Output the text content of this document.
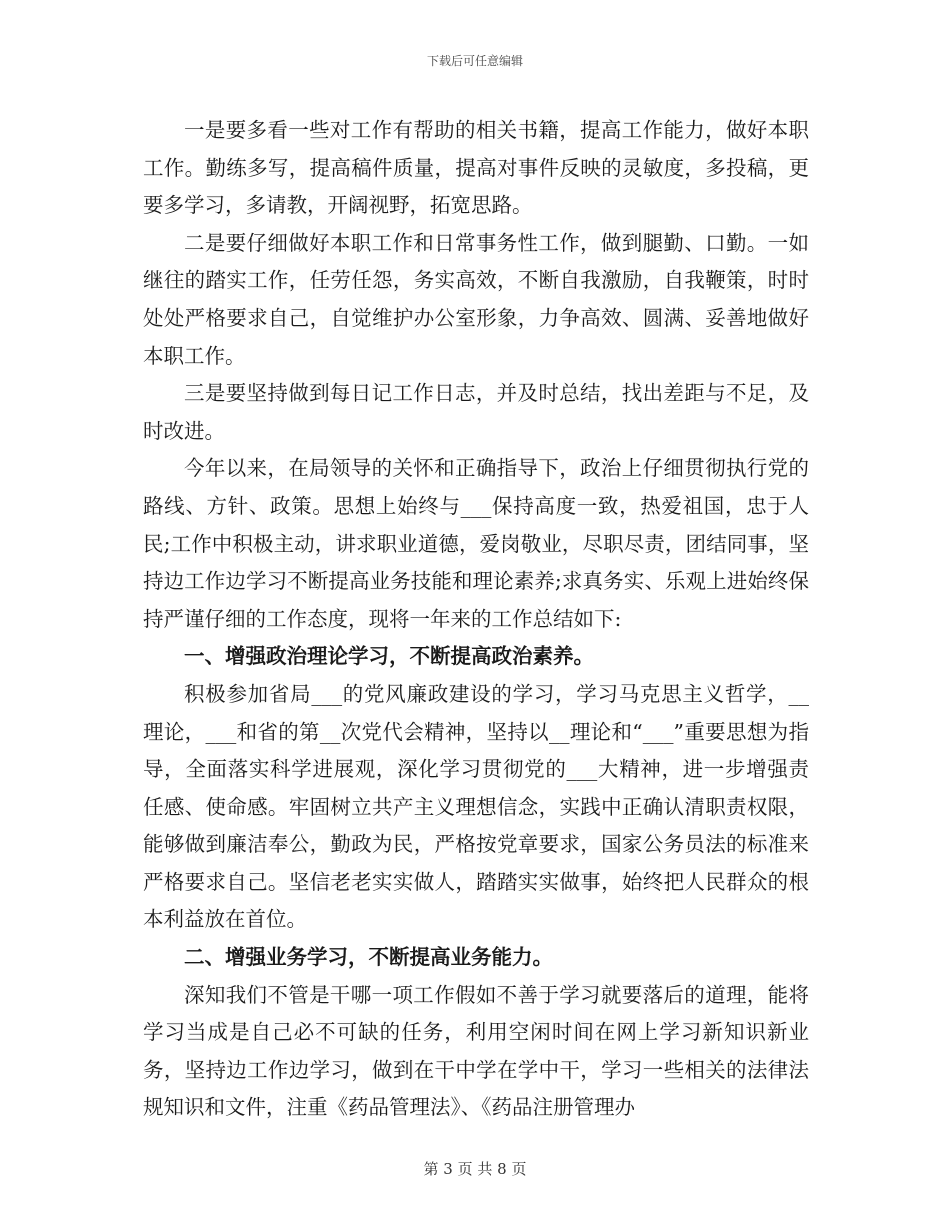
下载后可任意编辑

一是要多看一些对工作有帮助的相关书籍，提高工作能力，做好本职工作。勤练多写，提高稿件质量，提高对事件反映的灵敏度，多投稿，更要多学习，多请教，开阔视野，拓宽思路。

二是要仔细做好本职工作和日常事务性工作，做到腿勤、口勤。一如继往的踏实工作，任劳任怨，务实高效，不断自我激励，自我鞭策，时时处处严格要求自己，自觉维护办公室形象，力争高效、圆满、妥善地做好本职工作。

三是要坚持做到每日记工作日志，并及时总结，找出差距与不足，及时改进。

今年以来，在局领导的关怀和正确指导下，政治上仔细贯彻执行党的路线、方针、政策。思想上始终与___保持高度一致，热爱祖国，忠于人民;工作中积极主动，讲求职业道德，爱岗敬业，尽职尽责，团结同事，坚持边工作边学习不断提高业务技能和理论素养;求真务实、乐观上进始终保持严谨仔细的工作态度，现将一年来的工作总结如下:

一、增强政治理论学习，不断提高政治素养。

积极参加省局___的党风廉政建设的学习，学习马克思主义哲学，__理论，___和省的第__次党代会精神，坚持以__理论和“___”重要思想为指导，全面落实科学进展观，深化学习贯彻党的___大精神，进一步增强责任感、使命感。牢固树立共产主义理想信念，实践中正确认清职责权限，能够做到廉洁奉公，勤政为民，严格按党章要求，国家公务员法的标准来严格要求自己。坚信老老实实做人，踏踏实实做事，始终把人民群众的根本利益放在首位。

二、增强业务学习，不断提高业务能力。

深知我们不管是干哪一项工作假如不善于学习就要落后的道理，能将学习当成是自己必不可缺的任务，利用空闲时间在网上学习新知识新业务，坚持边工作边学习，做到在干中学在学中干，学习一些相关的法律法规知识和文件，注重《药品管理法》、《药品注册管理办

第 3 页 共 8 页
